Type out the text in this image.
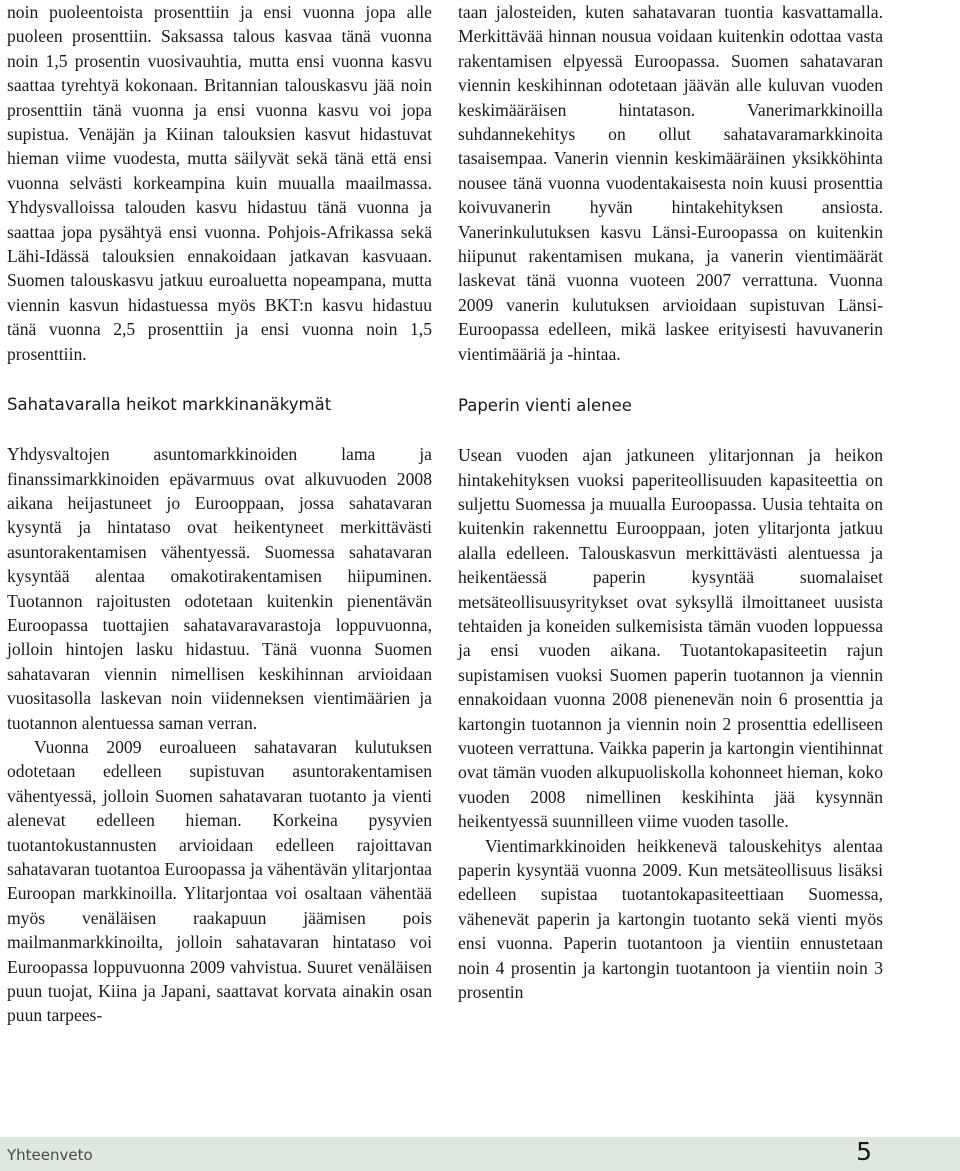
noin puoleentoista prosenttiin ja ensi vuonna jopa alle puoleen prosenttiin. Saksassa talous kasvaa tänä vuonna noin 1,5 prosentin vuosivauhtia, mutta ensi vuonna kasvu saattaa tyrehtyä kokonaan. Britannian talouskasvu jää noin prosenttiin tänä vuonna ja ensi vuonna kasvu voi jopa supistua. Venäjän ja Kiinan talouksien kasvut hidastuvat hieman viime vuodesta, mutta säilyvät sekä tänä että ensi vuonna selvästi korkeampina kuin muualla maailmassa. Yhdysvalloissa talouden kasvu hidastuu tänä vuonna ja saattaa jopa pysähtyä ensi vuonna. Pohjois-Afrikassa sekä Lähi-Idässä talouksien ennakoidaan jatkavan kasvuaan. Suomen talouskasvu jatkuu euroaluetta nopeampana, mutta viennin kasvun hidastuessa myös BKT:n kasvu hidastuu tänä vuonna 2,5 prosenttiin ja ensi vuonna noin 1,5 prosenttiin.

Sahatavaralla heikot markkinanäkymät

Yhdysvaltojen asuntomarkkinoiden lama ja finanssimarkkinoiden epävarmuus ovat alkuvuoden 2008 aikana heijastuneet jo Eurooppaan, jossa sahatavaran kysyntä ja hintataso ovat heikentyneet merkittävästi asuntorakentamisen vähentyessä. Suomessa sahatavaran kysyntää alentaa omakotirakentamisen hiipuminen. Tuotannon rajoitusten odotetaan kuitenkin pienentävän Euroopassa tuottajien sahatavaravarastoja loppuvuonna, jolloin hintojen lasku hidastuu. Tänä vuonna Suomen sahatavaran viennin nimellisen keskihinnan arvioidaan vuositasolla laskevan noin viidenneksen vientimäärien ja tuotannon alentuessa saman verran.

Vuonna 2009 euroalueen sahatavaran kulutuksen odotetaan edelleen supistuvan asuntorakentamisen vähentyessä, jolloin Suomen sahatavaran tuotanto ja vienti alenevat edelleen hieman. Korkeina pysyvien tuotantokustannusten arvioidaan edelleen rajoittavan sahatavaran tuotantoa Euroopassa ja vähentävän ylitarjontaa Euroopan markkinoilla. Ylitarjontaa voi osaltaan vähentää myös venäläisen raakapuun jäämisen pois mailmanmarkkinoilta, jolloin sahatavaran hintataso voi Euroopassa loppuvuonna 2009 vahvistua. Suuret venäläisen puun tuojat, Kiina ja Japani, saattavat korvata ainakin osan puun tarpees-

taan jalosteiden, kuten sahatavaran tuontia kasvattamalla. Merkittävää hinnan nousua voidaan kuitenkin odottaa vasta rakentamisen elpyessä Euroopassa. Suomen sahatavaran viennin keskihinnan odotetaan jäävän alle kuluvan vuoden keskimääräisen hintatason. Vanerimarkkinoilla suhdannekehitys on ollut sahatavaramarkkinoita tasaisempaa. Vanerin viennin keskimääräinen yksikköhinta nousee tänä vuonna vuodentakaisesta noin kuusi prosenttia koivuvanerin hyvän hintakehityksen ansiosta. Vanerinkulutuksen kasvu Länsi-Euroopassa on kuitenkin hiipunut rakentamisen mukana, ja vanerin vientimäärät laskevat tänä vuonna vuoteen 2007 verrattuna. Vuonna 2009 vanerin kulutuksen arvioidaan supistuvan Länsi-Euroopassa edelleen, mikä laskee erityisesti havuvanerin vientimääriä ja -hintaa.

Paperin vienti alenee

Usean vuoden ajan jatkuneen ylitarjonnan ja heikon hintakehityksen vuoksi paperiteollisuuden kapasiteettia on suljettu Suomessa ja muualla Euroopassa. Uusia tehtaita on kuitenkin rakennettu Eurooppaan, joten ylitarjonta jatkuu alalla edelleen. Talouskasvun merkittävästi alentuessa ja heikentäessä paperin kysyntää suomalaiset metsäteollisuusyritykset ovat syksyllä ilmoittaneet uusista tehtaiden ja koneiden sulkemisista tämän vuoden loppuessa ja ensi vuoden aikana. Tuotantokapasiteetin rajun supistamisen vuoksi Suomen paperin tuotannon ja viennin ennakoidaan vuonna 2008 pienenevän noin 6 prosenttia ja kartongin tuotannon ja viennin noin 2 prosenttia edelliseen vuoteen verrattuna. Vaikka paperin ja kartongin vientihinnat ovat tämän vuoden alkupuoliskolla kohonneet hieman, koko vuoden 2008 nimellinen keskihinta jää kysynnän heikentyessä suunnilleen viime vuoden tasolle.

Vientimarkkinoiden heikkenevä talouskehitys alentaa paperin kysyntää vuonna 2009. Kun metsäteollisuus lisäksi edelleen supistaa tuotantokapasiteettiaan Suomessa, vähenevät paperin ja kartongin tuotanto sekä vienti myös ensi vuonna. Paperin tuotantoon ja vientiin ennustetaan noin 4 prosentin ja kartongin tuotantoon ja vientiin noin 3 prosentin

Yhteenveto	5
